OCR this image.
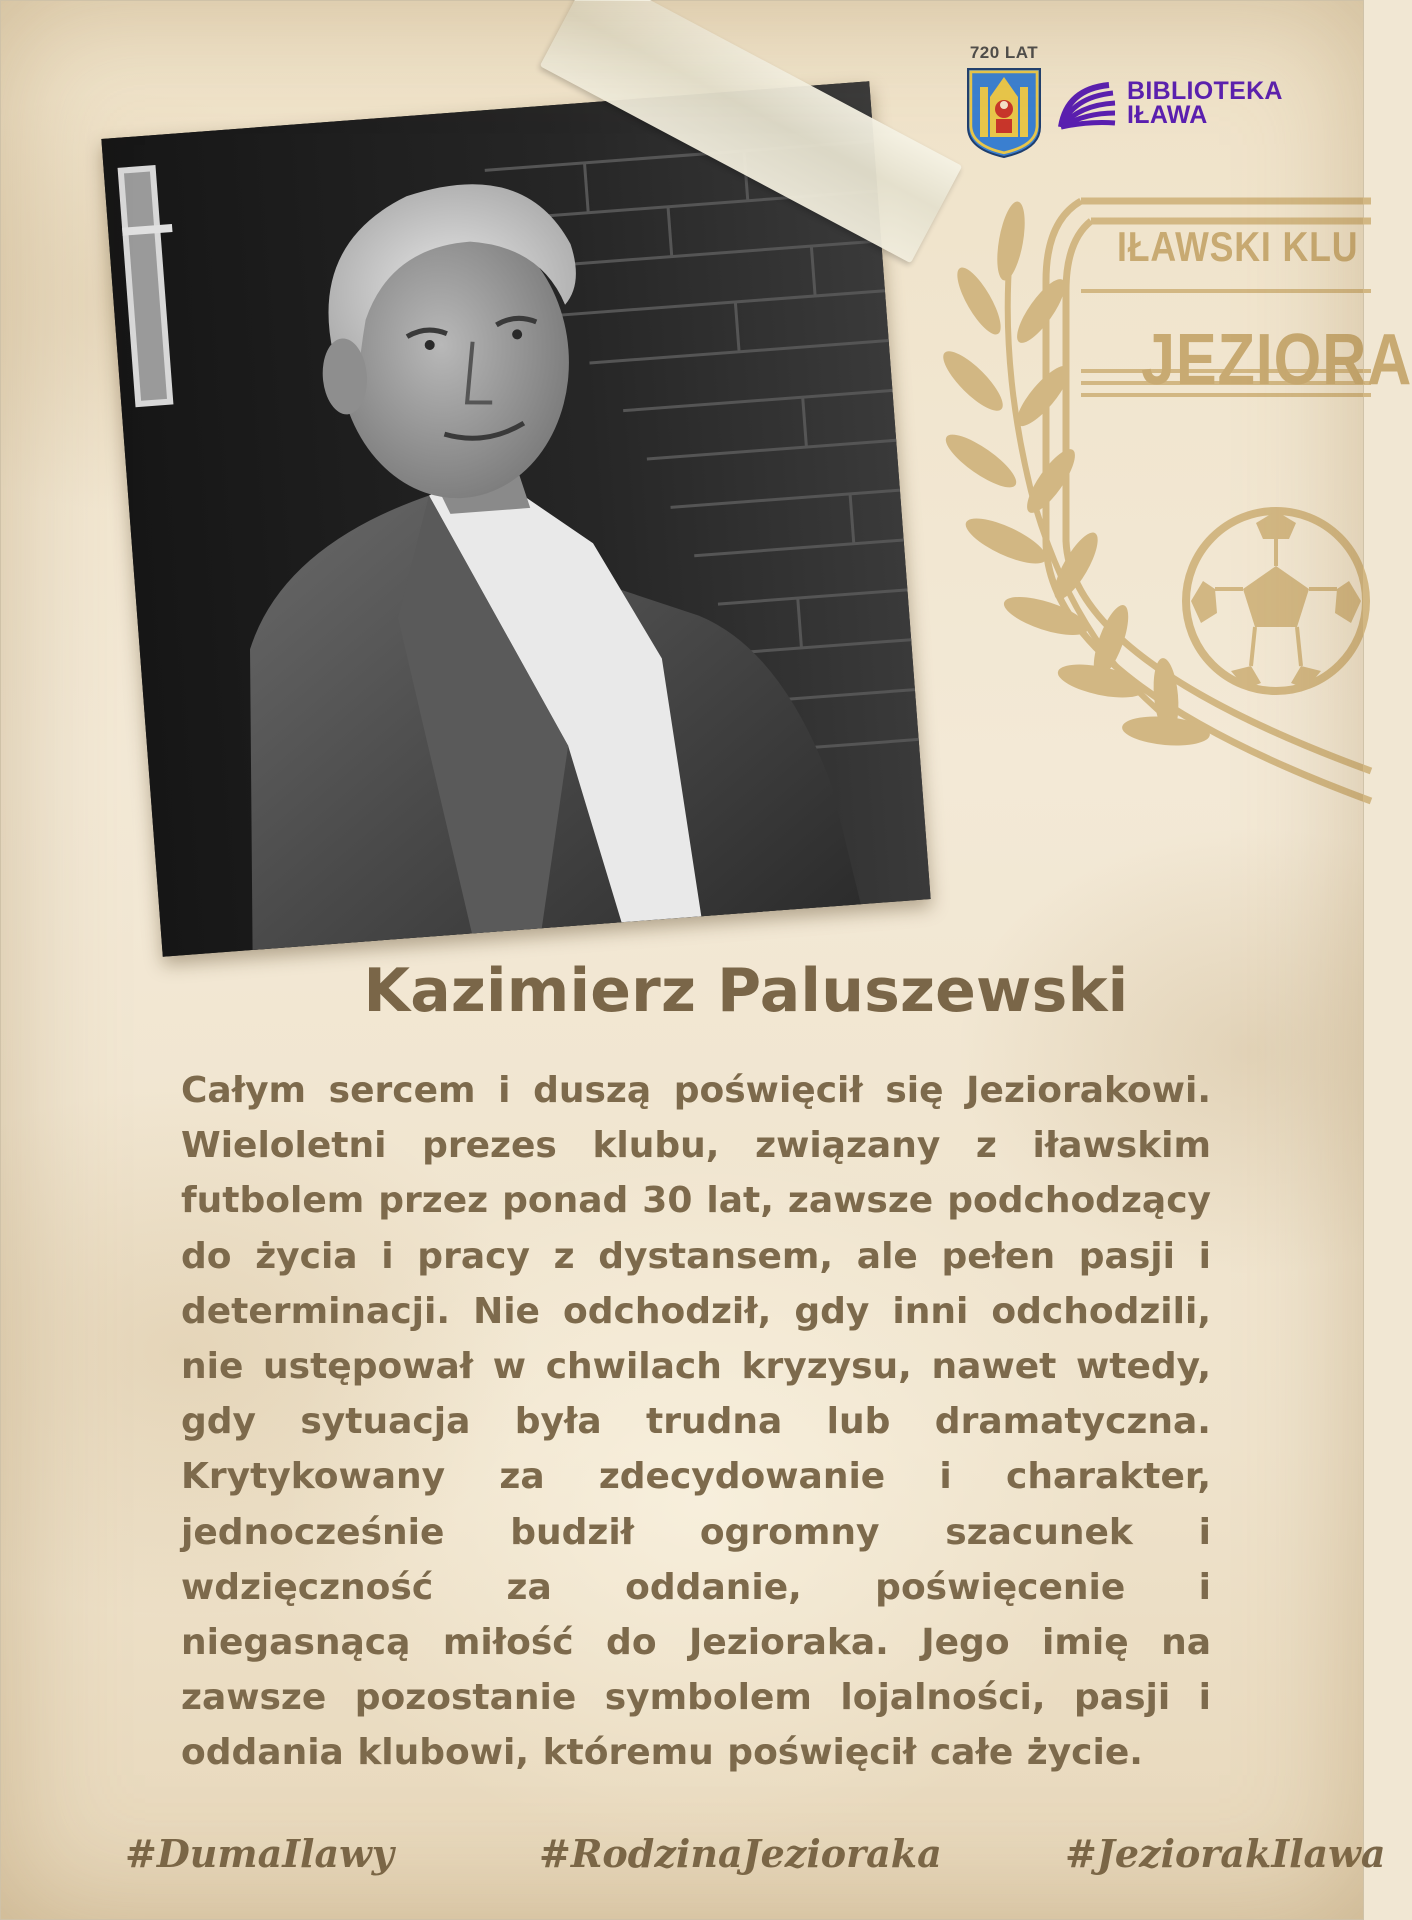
IŁAWSKI KLU
JEZIORA
720 LAT
BIBLIOTEKA
IŁAWA
Kazimierz Paluszewski
Całym sercem i duszą poświęcił się Jeziorakowi. Wieloletni prezes klubu, związany z iławskim futbolem przez ponad 30 lat, zawsze podchodzący do życia i pracy z dystansem, ale pełen pasji i determinacji. Nie odchodził, gdy inni odchodzili, nie ustępował w chwilach kryzysu, nawet wtedy, gdy sytuacja była trudna lub dramatyczna. Krytykowany za zdecydowanie i charakter, jednocześnie budził ogromny szacunek i wdzięczność za oddanie, poświęcenie i niegasnącą miłość do Jezioraka. Jego imię na zawsze pozostanie symbolem lojalności, pasji i oddania klubowi, któremu poświęcił całe życie.
#DumaIlawy	#RodzinaJezioraka	#JeziorakIlawa
